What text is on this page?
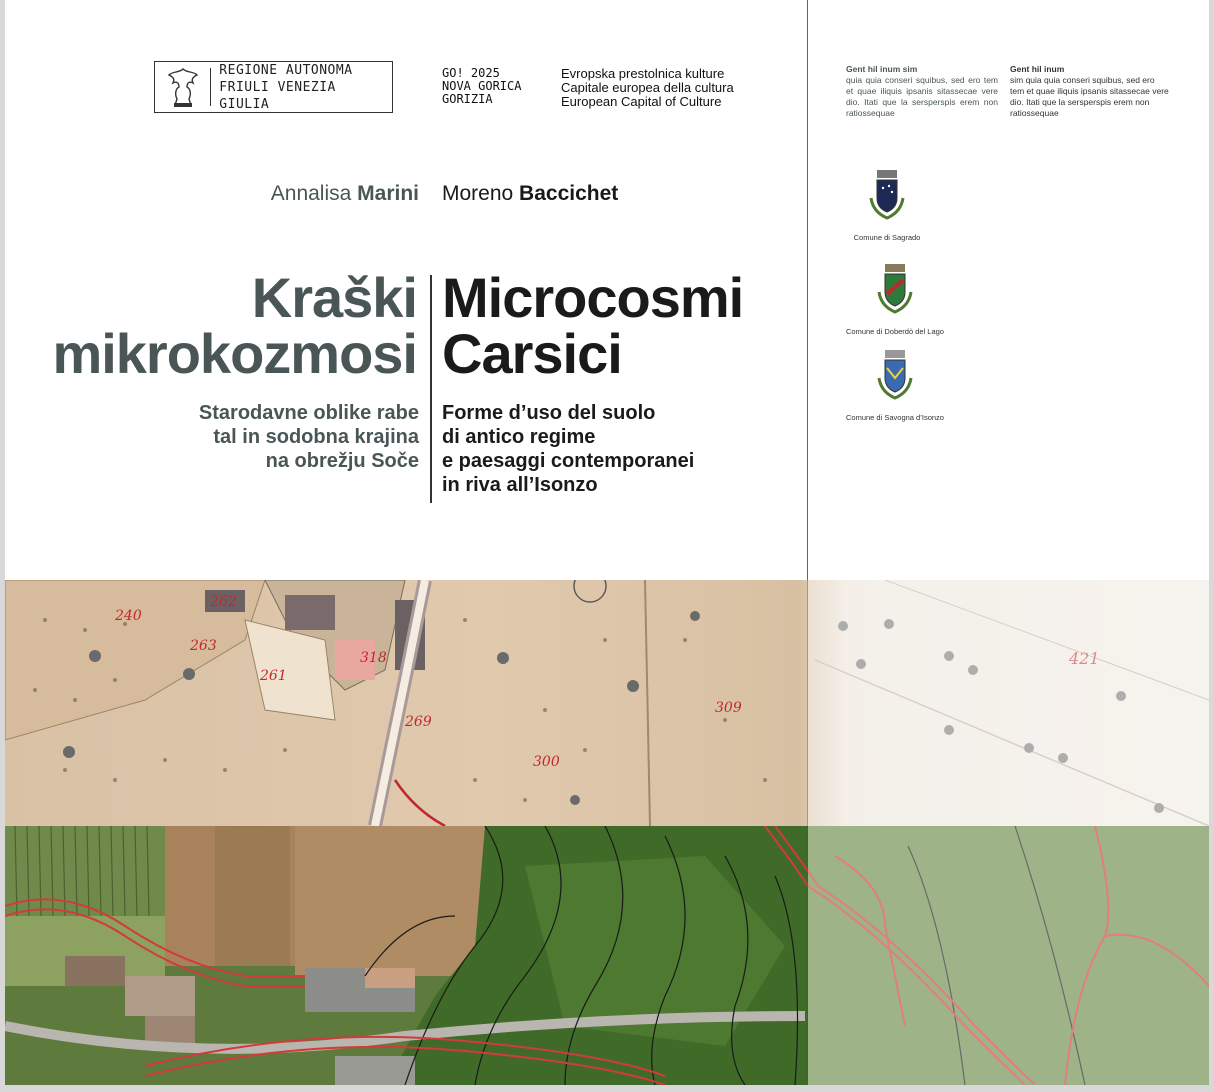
REGIONE AUTONOMA
FRIULI VENEZIA GIULIA
GO! 2025
NOVA GORICA
GORIZIA
Evropska prestolnica kulture
Capitale europea della cultura
European Capital of Culture
Annalisa Marini Moreno Baccichet
Kraški
mikrokozmosi
Microcosmi
Carsici
Starodavne oblike rabe
tal in sodobna krajina
na obrežju Soče
Forme d’uso del suolo
di antico regime
e paesaggi contemporanei
in riva all’Isonzo
Gent hil inum sim
quia quia conseri squibus, sed ero tem et quae iliquis ipsanis sitassecae vere dio. Itati que la sersperspis erem non ratiossequae
Gent hil inum
sim quia quia conseri squibus, sed ero tem et quae iliquis ipsanis sitassecae vere dio. Itati que la sersperspis erem non ratiossequae
Comune di Sagrado
Comune di Doberdò del Lago
Comune di Savogna d’Isonzo
240
262
263
261
318
300
309
269
421
